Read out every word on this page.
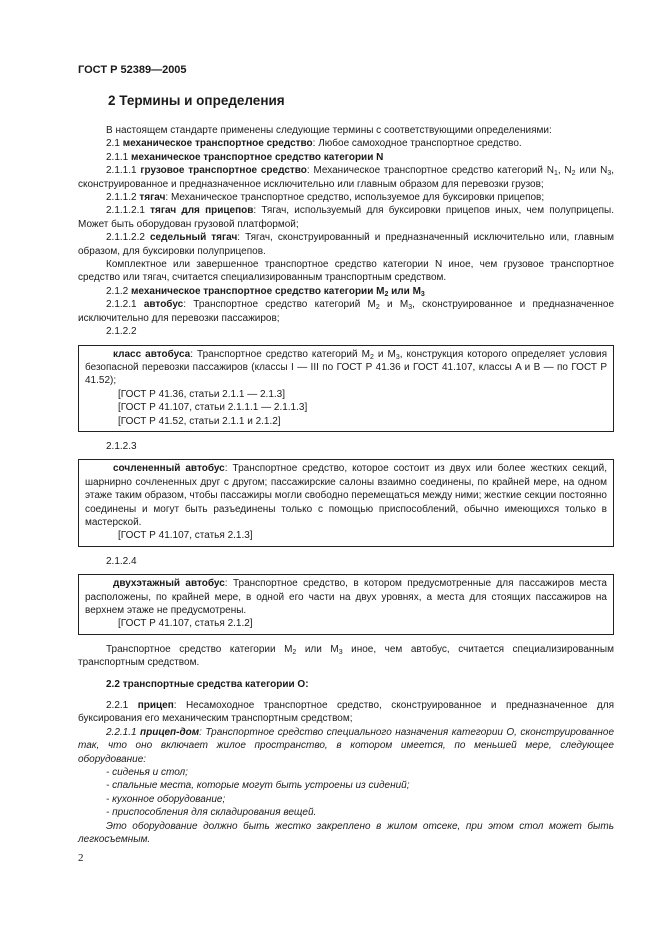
ГОСТ Р 52389—2005
2 Термины и определения

В настоящем стандарте применены следующие термины с соответствующими определениями:

2.1 механическое транспортное средство: Любое самоходное транспортное средство.

2.1.1 механическое транспортное средство категории N

2.1.1.1 грузовое транспортное средство: Механическое транспортное средство категорий $N_1$, $N_2$ или $N_3$, сконструированное и предназначенное исключительно или главным образом для перевозки грузов;

2.1.1.2 тягач: Механическое транспортное средство, используемое для буксировки прицепов;

2.1.1.2.1 тягач для прицепов: Тягач, используемый для буксировки прицепов иных, чем полуприцепы. Может быть оборудован грузовой платформой;

2.1.1.2.2 седельный тягач: Тягач, сконструированный и предназначенный исключительно или, главным образом, для буксировки полуприцепов.

Комплектное или завершенное транспортное средство категории N иное, чем грузовое транспортное средство или тягач, считается специализированным транспортным средством.

2.1.2 механическое транспортное средство категории $M_2$ или $M_3$

2.1.2.1 автобус: Транспортное средство категорий $M_2$ и $M_3$, сконструированное и предназначенное исключительно для перевозки пассажиров;

2.1.2.2

класс автобуса: Транспортное средство категорий $M_2$ и $M_3$, конструкция которого определяет условия безопасной перевозки пассажиров (классы I — III по ГОСТ Р 41.36 и ГОСТ 41.107, классы A и B — по ГОСТ Р 41.52);

[ГОСТ Р 41.36, статьи 2.1.1 — 2.1.3]

[ГОСТ Р 41.107, статьи 2.1.1.1 — 2.1.1.3]

[ГОСТ Р 41.52, статьи 2.1.1 и 2.1.2]

2.1.2.3

сочлененный автобус: Транспортное средство, которое состоит из двух или более жестких секций, шарнирно сочлененных друг с другом; пассажирские салоны взаимно соединены, по крайней мере, на одном этаже таким образом, чтобы пассажиры могли свободно перемещаться между ними; жесткие секции постоянно соединены и могут быть разъединены только с помощью приспособлений, обычно имеющихся только в мастерской.

[ГОСТ Р 41.107, статья 2.1.3]

2.1.2.4

двухэтажный автобус: Транспортное средство, в котором предусмотренные для пассажиров места расположены, по крайней мере, в одной его части на двух уровнях, а места для стоящих пассажиров на верхнем этаже не предусмотрены.

[ГОСТ Р 41.107, статья 2.1.2]

Транспортное средство категории $M_2$ или $M_3$ иное, чем автобус, считается специализированным транспортным средством.

2.2 транспортные средства категории О:

2.2.1 прицеп: Несамоходное транспортное средство, сконструированное и предназначенное для буксирования его механическим транспортным средством;

2.2.1.1 прицеп-дом: Транспортное средство специального назначения категории О, сконструированное так, что оно включает жилое пространство, в котором имеется, по меньшей мере, следующее оборудование:

- сиденья и стол;

- спальные места, которые могут быть устроены из сидений;

- кухонное оборудование;

- приспособления для складирования вещей.

Это оборудование должно быть жестко закреплено в жилом отсеке, при этом стол может быть легкосъемным.

2
